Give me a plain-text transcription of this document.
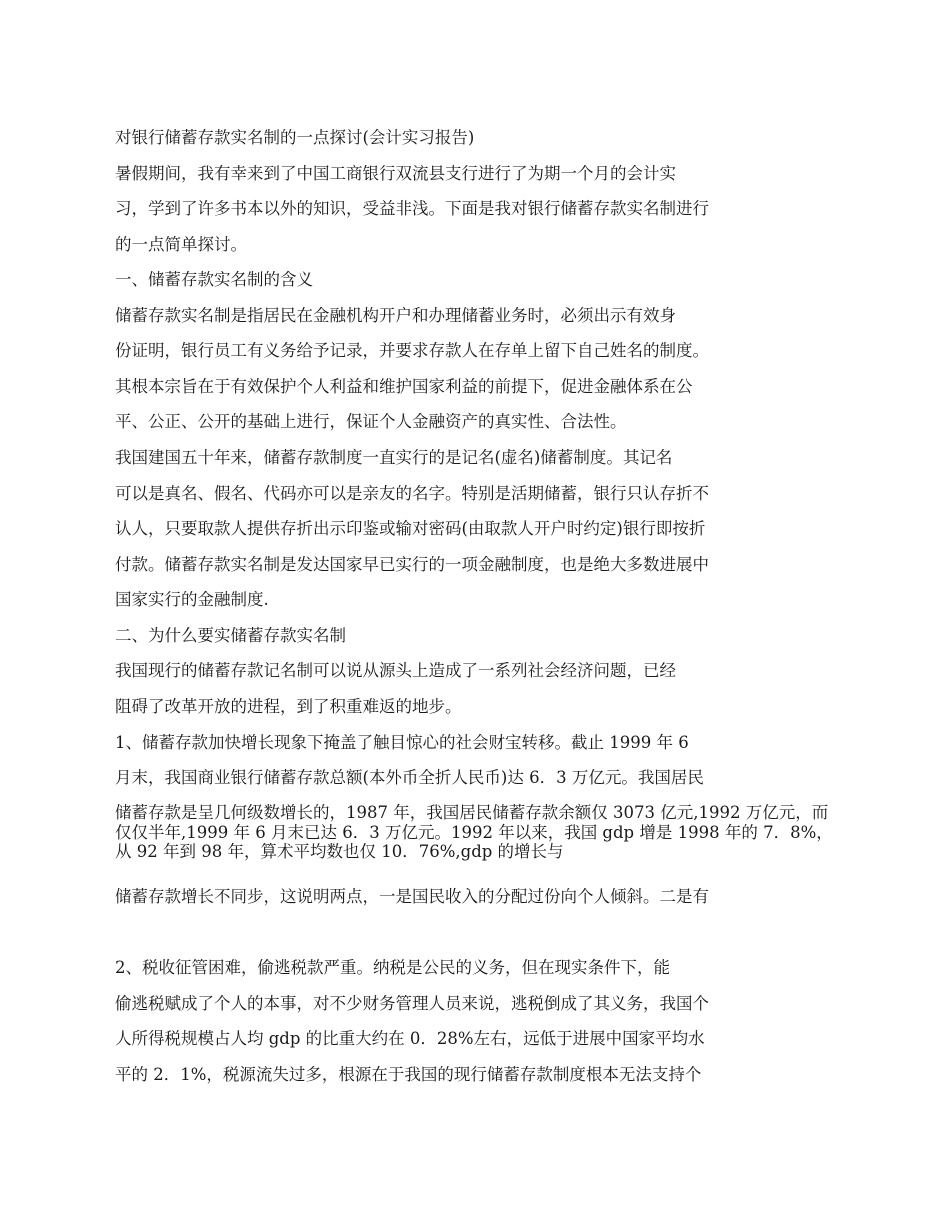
对银行储蓄存款实名制的一点探讨(会计实习报告)

暑假期间，我有幸来到了中国工商银行双流县支行进行了为期一个月的会计实

习，学到了许多书本以外的知识，受益非浅。下面是我对银行储蓄存款实名制进行

的一点简单探讨。

一、储蓄存款实名制的含义

储蓄存款实名制是指居民在金融机构开户和办理储蓄业务时，必须出示有效身

份证明，银行员工有义务给予记录，并要求存款人在存单上留下自己姓名的制度。

其根本宗旨在于有效保护个人利益和维护国家利益的前提下，促进金融体系在公

平、公正、公开的基础上进行，保证个人金融资产的真实性、合法性。

我国建国五十年来，储蓄存款制度一直实行的是记名(虚名)储蓄制度。其记名

可以是真名、假名、代码亦可以是亲友的名字。特别是活期储蓄，银行只认存折不

认人，只要取款人提供存折出示印鉴或输对密码(由取款人开户时约定)银行即按折

付款。储蓄存款实名制是发达国家早已实行的一项金融制度，也是绝大多数进展中

国家实行的金融制度.

二、为什么要实储蓄存款实名制

我国现行的储蓄存款记名制可以说从源头上造成了一系列社会经济问题，已经

阻碍了改革开放的进程，到了积重难返的地步。

1、储蓄存款加快增长现象下掩盖了触目惊心的社会财宝转移。截止 1999 年 6

月末，我国商业银行储蓄存款总额(本外币全折人民币)达 6．3 万亿元。我国居民

储蓄存款是呈几何级数增长的，1987 年，我国居民储蓄存款余额仅 3073 亿元,1992 万亿元，而仅仅半年,1999 年 6 月末已达 6．3 万亿元。1992 年以来，我国 gdp 增是 1998 年的 7．8%，从 92 年到 98 年，算术平均数也仅 10．76%,gdp 的增长与

储蓄存款增长不同步，这说明两点，一是国民收入的分配过份向个人倾斜。二是有

2、税收征管困难，偷逃税款严重。纳税是公民的义务，但在现实条件下，能

偷逃税赋成了个人的本事，对不少财务管理人员来说，逃税倒成了其义务，我国个

人所得税规模占人均 gdp 的比重大约在 0．28%左右，远低于进展中国家平均水

平的 2．1%，税源流失过多，根源在于我国的现行储蓄存款制度根本无法支持个
